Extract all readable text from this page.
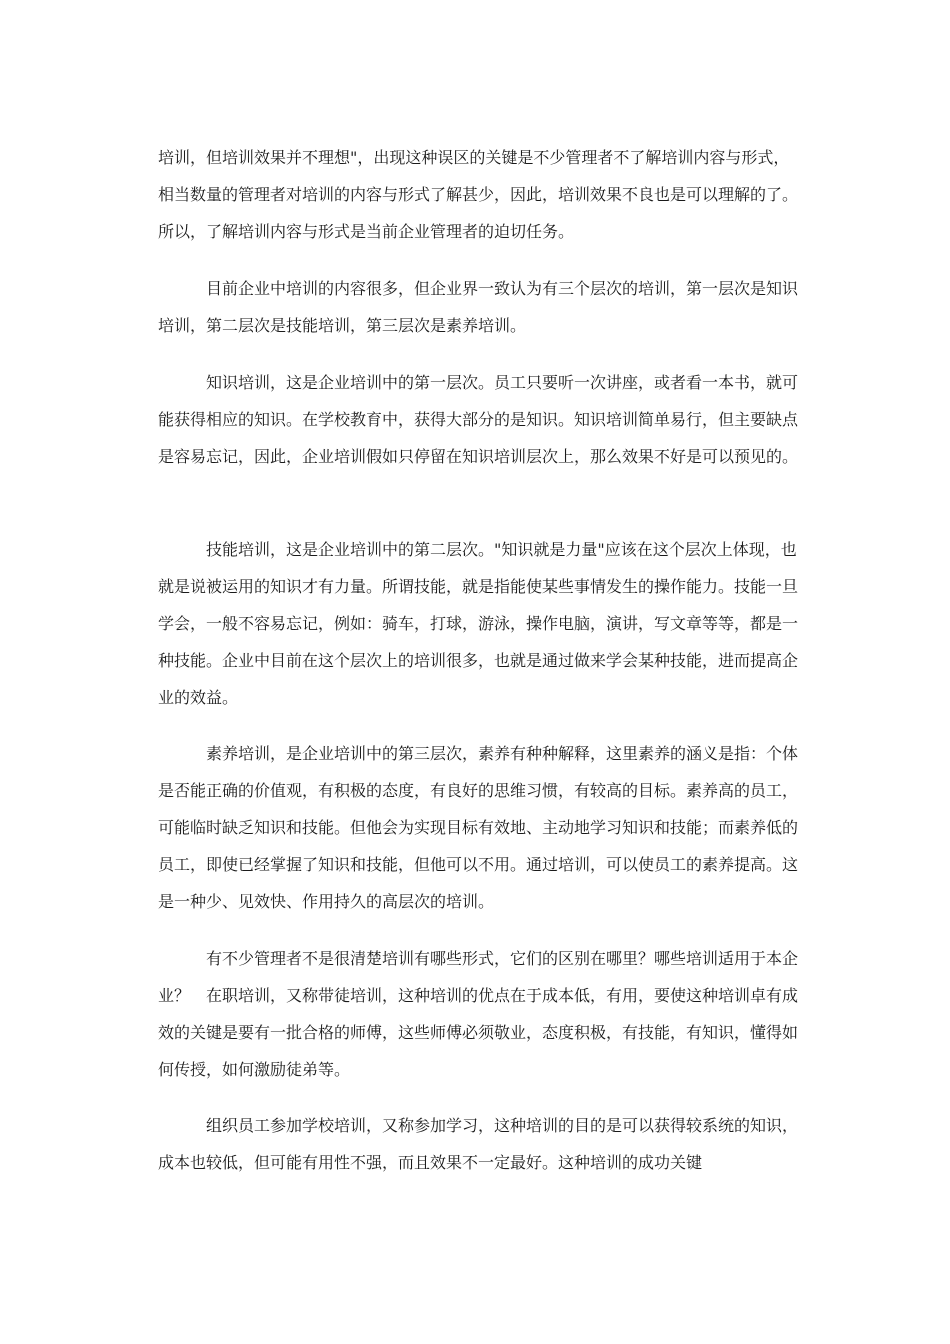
培训，但培训效果并不理想"，出现这种误区的关键是不少管理者不了解培训内容与形式，相当数量的管理者对培训的内容与形式了解甚少，因此，培训效果不良也是可以理解的了。所以，了解培训内容与形式是当前企业管理者的迫切任务。

目前企业中培训的内容很多，但企业界一致认为有三个层次的培训，第一层次是知识培训，第二层次是技能培训，第三层次是素养培训。

知识培训，这是企业培训中的第一层次。员工只要听一次讲座，或者看一本书，就可能获得相应的知识。在学校教育中，获得大部分的是知识。知识培训简单易行，但主要缺点是容易忘记，因此，企业培训假如只停留在知识培训层次上，那么效果不好是可以预见的。

技能培训，这是企业培训中的第二层次。"知识就是力量"应该在这个层次上体现，也就是说被运用的知识才有力量。所谓技能，就是指能使某些事情发生的操作能力。技能一旦学会，一般不容易忘记，例如：骑车，打球，游泳，操作电脑，演讲，写文章等等，都是一种技能。企业中目前在这个层次上的培训很多，也就是通过做来学会某种技能，进而提高企业的效益。

素养培训，是企业培训中的第三层次，素养有种种解释，这里素养的涵义是指：个体是否能正确的价值观，有积极的态度，有良好的思维习惯，有较高的目标。素养高的员工，可能临时缺乏知识和技能。但他会为实现目标有效地、主动地学习知识和技能；而素养低的员工，即使已经掌握了知识和技能，但他可以不用。通过培训，可以使员工的素养提高。这是一种少、见效快、作用持久的高层次的培训。

有不少管理者不是很清楚培训有哪些形式，它们的区别在哪里？哪些培训适用于本企业？　在职培训，又称带徒培训，这种培训的优点在于成本低，有用，要使这种培训卓有成效的关键是要有一批合格的师傅，这些师傅必须敬业，态度积极，有技能，有知识，懂得如何传授，如何激励徒弟等。

组织员工参加学校培训，又称参加学习，这种培训的目的是可以获得较系统的知识，成本也较低，但可能有用性不强，而且效果不一定最好。这种培训的成功关键
